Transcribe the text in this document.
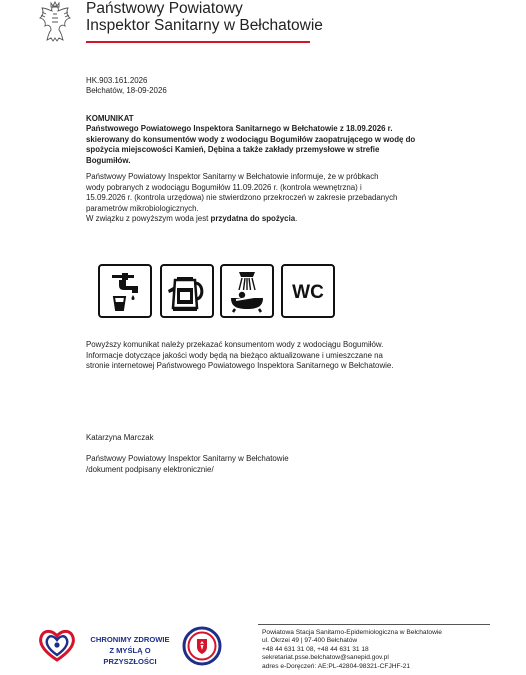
Państwowy Powiatowy
Inspektor Sanitarny w Bełchatowie
HK.903.161.2026
Bełchatów, 18-09-2026
KOMUNIKAT
Państwowego Powiatowego Inspektora Sanitarnego w Bełchatowie z 18.09.2026 r.
skierowany do konsumentów wody z wodociągu Bogumiłów zaopatrującego w wodę do
spożycia miejscowości Kamień, Dębina a także zakłady przemysłowe w strefie
Bogumiłów.
Państwowy Powiatowy Inspektor Sanitarny w Bełchatowie informuje, że w próbkach
wody pobranych z wodociągu Bogumiłów 11.09.2026 r. (kontrola wewnętrzna) i
15.09.2026 r. (kontrola urzędowa) nie stwierdzono przekroczeń w zakresie przebadanych
parametrów mikrobiologicznych.
W związku z powyższym woda jest przydatna do spożycia.
WC
Powyższy komunikat należy przekazać konsumentom wody z wodociągu Bogumiłów.
Informacje dotyczące jakości wody będą na bieżąco aktualizowane i umieszczane na
stronie internetowej Państwowego Powiatowego Inspektora Sanitarnego w Bełchatowie.
Katarzyna Marczak
Państwowy Powiatowy Inspektor Sanitarny w Bełchatowie
/dokument podpisany elektronicznie/
CHRONIMY ZDROWIE
Z MYŚLĄ O PRZYSZŁOŚCI
Powiatowa Stacja Sanitarno-Epidemiologiczna w Bełchatowie
ul. Okrzei 49 | 97-400 Bełchatów
+48 44 631 31 08, +48 44 631 31 18
sekretariat.psse.belchatow@sanepid.gov.pl
adres e-Doręczeń: AE:PL-42804-98321-CFJHF-21
